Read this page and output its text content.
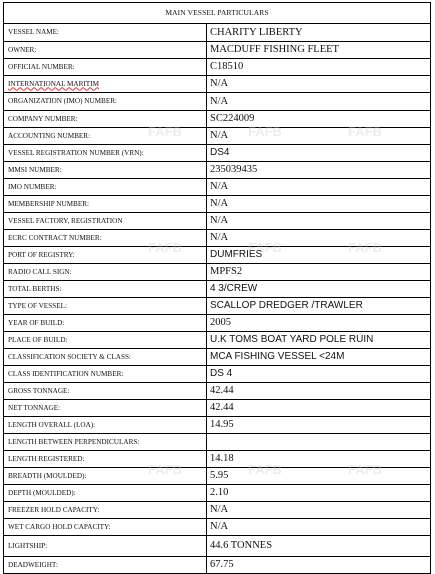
MAIN VESSEL PARTICULARS
VESSEL NAME:	CHARITY LIBERTY
OWNER:	MACDUFF FISHING FLEET
OFFICIAL NUMBER:	C18510
INTERNATIONAL MARITIM	N/A
ORGANIZATION (IMO) NUMBER:	N/A
COMPANY NUMBER:	SC224009
ACCOUNTING NUMBER:	N/A
VESSEL REGISTRATION NUMBER (VRN):	DS4
MMSI NUMBER:	235039435
IMO NUMBER:	N/A
MEMBERSHIP NUMBER:	N/A
VESSEL FACTORY, REGISTRATION	N/A
ECRC CONTRACT NUMBER:	N/A
PORT OF REGISTRY:	DUMFRIES
RADIO CALL SIGN:	MPFS2
TOTAL BERTHS:	4 3/CREW
TYPE OF VESSEL:	SCALLOP DREDGER /TRAWLER
YEAR OF BUILD:	2005
PLACE OF BUILD:	U.K TOMS BOAT YARD POLE RUIN
CLASSIFICATION SOCIETY & CLASS:	MCA FISHING VESSEL <24M
CLASS IDENTIFICATION NUMBER:	DS 4
GROSS TONNAGE:	42.44
NET TONNAGE:	42.44
LENGTH OVERALL (LOA):	14.95
LENGTH BETWEEN PERPENDICULARS:	
LENGTH REGISTERED:	14.18
BREADTH (MOULDED):	5.95
DEPTH (MOULDED):	2.10
FREEZER HOLD CAPACITY:	N/A
WET CARGO HOLD CAPACITY:	N/A
LIGHTSHIP:	44.6 TONNES
DEADWEIGHT:	67.75
FAFB	FAFB	FAFB
FAFB	FAFB	FAFB
FAFB	FAFB	FAFB
